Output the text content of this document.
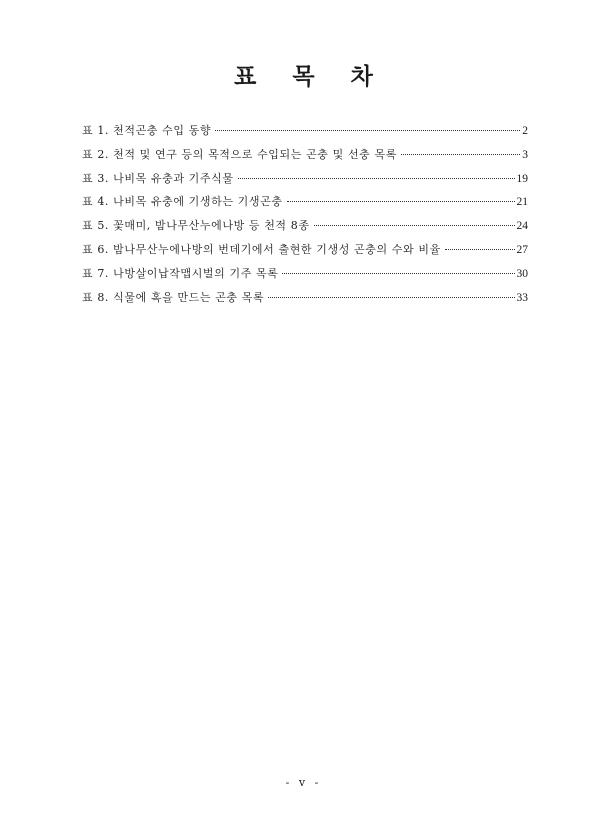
표 목 차
표 1. 천적곤충 수입 동향	2
표 2. 천적 및 연구 등의 목적으로 수입되는 곤충 및 선충 목록	3
표 3. 나비목 유충과 기주식물	19
표 4. 나비목 유충에 기생하는 기생곤충	21
표 5. 꽃매미, 밤나무산누에나방 등 천적 8종	24
표 6. 밤나무산누에나방의 번데기에서 출현한 기생성 곤충의 수와 비율	27
표 7. 나방살이납작맵시벌의 기주 목록	30
표 8. 식물에 혹을 만드는 곤충 목록	33
- v -
